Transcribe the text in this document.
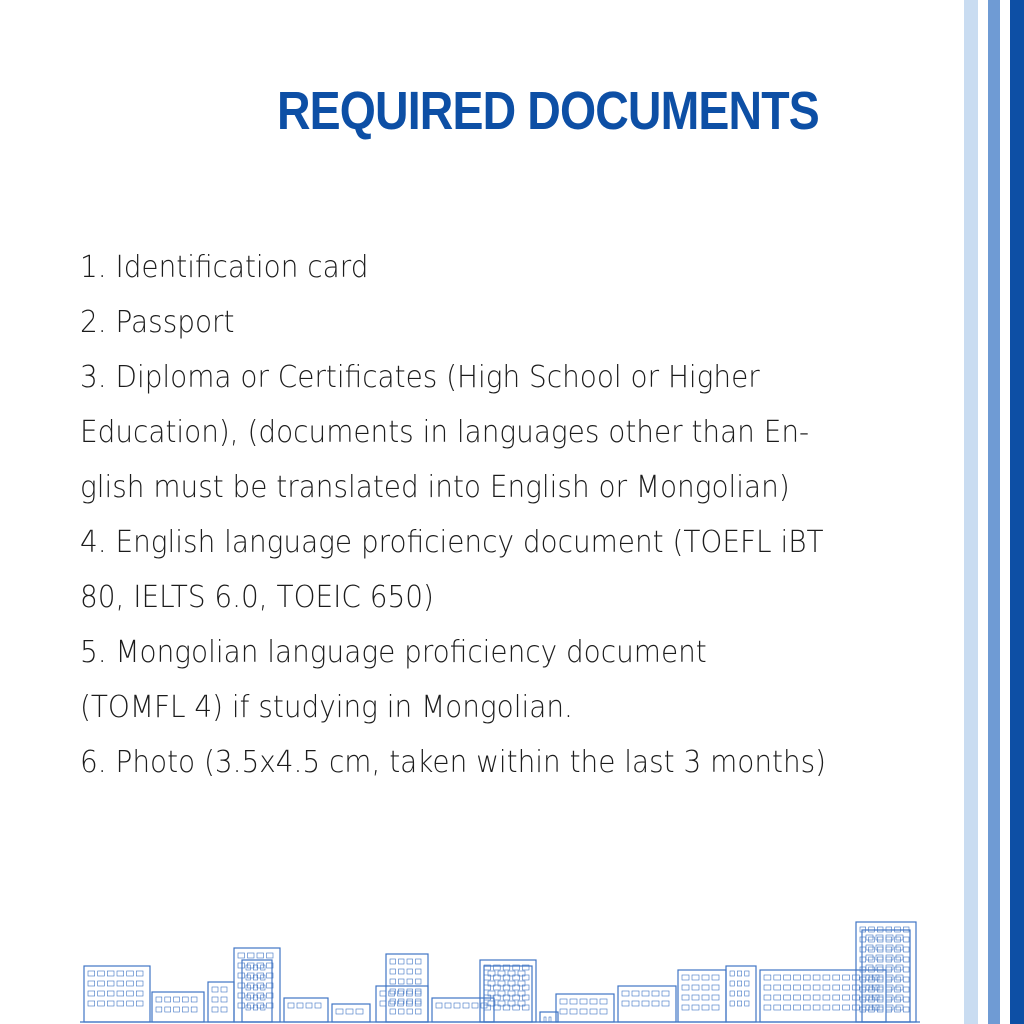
REQUIRED DOCUMENTS
1. Identification card
2. Passport
3. Diploma or Certificates (High School or Higher
Education), (documents in languages other than En-
glish must be translated into English or Mongolian)
4. English language proficiency document (TOEFL iBT
80, IELTS 6.0, TOEIC 650)
5. Mongolian language proficiency document
(TOMFL 4) if studying in Mongolian.
6. Photo (3.5x4.5 cm, taken within the last 3 months)
